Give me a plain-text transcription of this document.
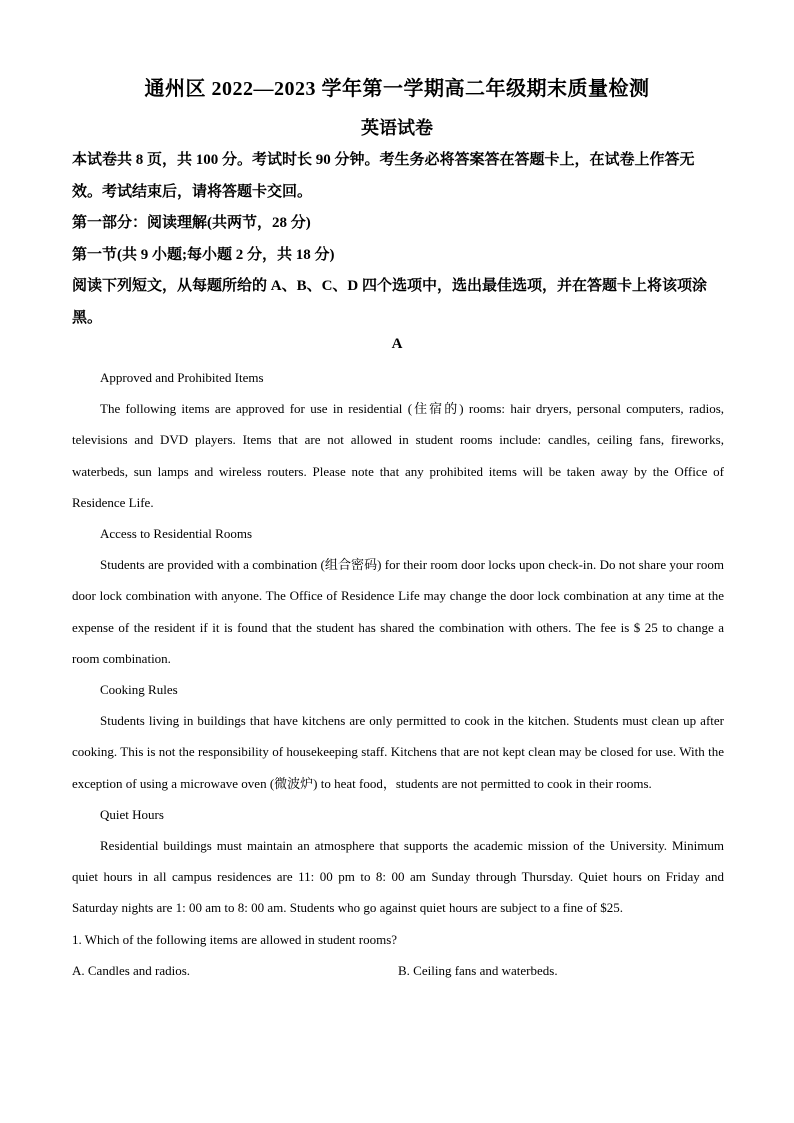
通州区 2022—2023 学年第一学期高二年级期末质量检测
英语试卷

本试卷共 8 页，共 100 分。考试时长 90 分钟。考生务必将答案答在答题卡上，在试卷上作答无效。考试结束后，请将答题卡交回。

第一部分：阅读理解(共两节，28 分)

第一节(共 9 小题;每小题 2 分，共 18 分)

阅读下列短文，从每题所给的 A、B、C、D 四个选项中，选出最佳选项，并在答题卡上将该项涂黑。

A

Approved and Prohibited Items

The following items are approved for use in residential (住宿的) rooms: hair dryers, personal computers, radios, televisions and DVD players. Items that are not allowed in student rooms include: candles, ceiling fans, fireworks, waterbeds, sun lamps and wireless routers. Please note that any prohibited items will be taken away by the Office of Residence Life.

Access to Residential Rooms

Students are provided with a combination (组合密码) for their room door locks upon check-in. Do not share your room door lock combination with anyone. The Office of Residence Life may change the door lock combination at any time at the expense of the resident if it is found that the student has shared the combination with others. The fee is $ 25 to change a room combination.

Cooking Rules

Students living in buildings that have kitchens are only permitted to cook in the kitchen. Students must clean up after cooking. This is not the responsibility of housekeeping staff. Kitchens that are not kept clean may be closed for use. With the exception of using a microwave oven (微波炉) to heat food，students are not permitted to cook in their rooms.

Quiet Hours

Residential buildings must maintain an atmosphere that supports the academic mission of the University. Minimum quiet hours in all campus residences are 11: 00 pm to 8: 00 am Sunday through Thursday. Quiet hours on Friday and Saturday nights are 1: 00 am to 8: 00 am. Students who go against quiet hours are subject to a fine of $25.

1. Which of the following items are allowed in student rooms?

A. Candles and radios.	B. Ceiling fans and waterbeds.
